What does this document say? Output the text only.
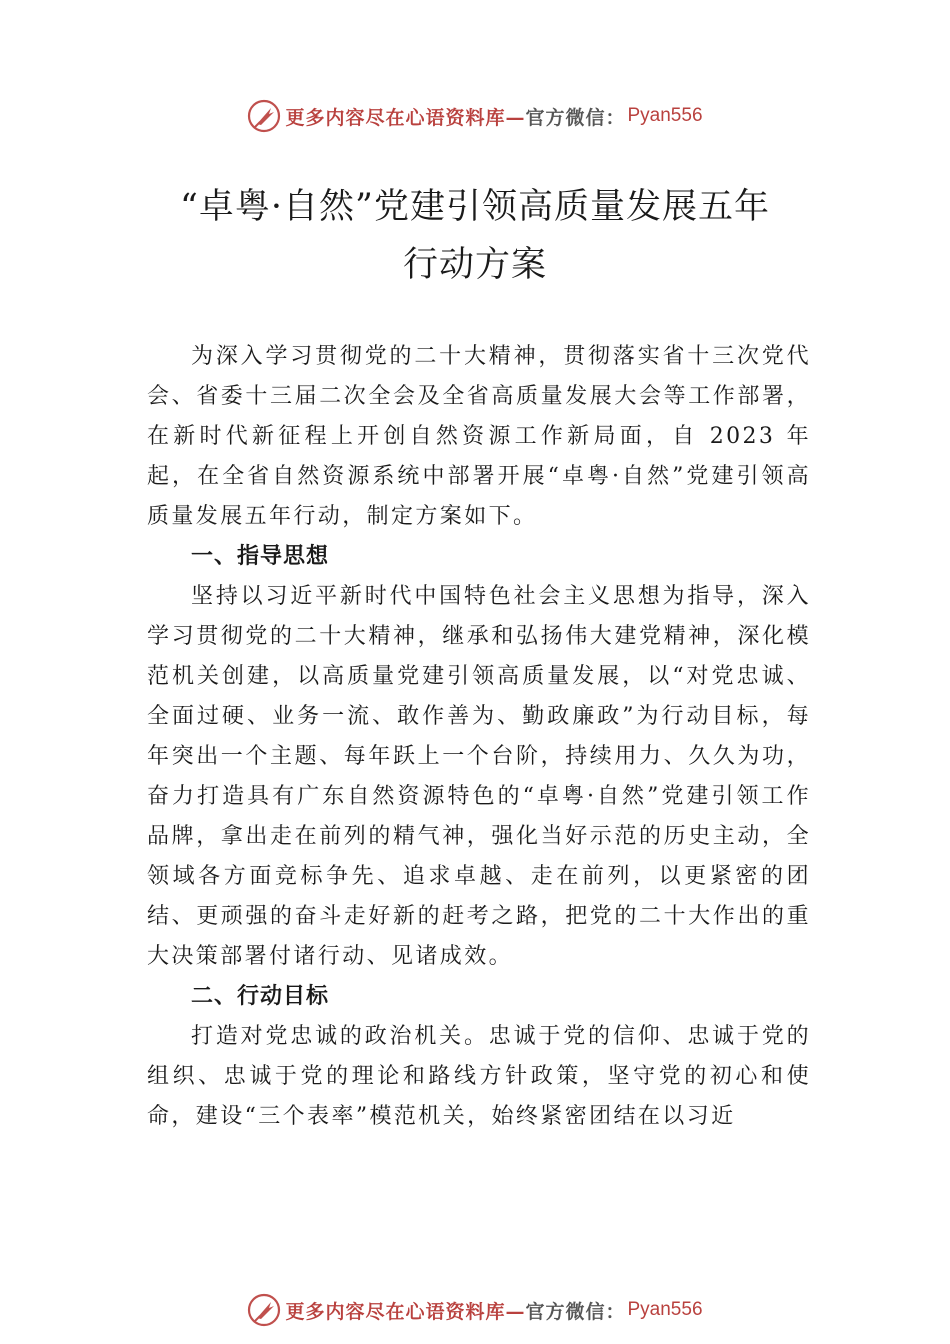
更多内容尽在心语资料库— 官方微信： Pyan556
“卓粤·自然”党建引领高质量发展五年
行动方案

为深入学习贯彻党的二十大精神，贯彻落实省十三次党代会、省委十三届二次全会及全省高质量发展大会等工作部署，在新时代新征程上开创自然资源工作新局面，自 2023 年起，在全省自然资源系统中部署开展“卓粤·自然”党建引领高质量发展五年行动，制定方案如下。

一、指导思想

坚持以习近平新时代中国特色社会主义思想为指导，深入学习贯彻党的二十大精神，继承和弘扬伟大建党精神，深化模范机关创建，以高质量党建引领高质量发展，以“对党忠诚、全面过硬、业务一流、敢作善为、勤政廉政”为行动目标，每年突出一个主题、每年跃上一个台阶，持续用力、久久为功，奋力打造具有广东自然资源特色的“卓粤·自然”党建引领工作品牌，拿出走在前列的精气神，强化当好示范的历史主动，全领域各方面竞标争先、追求卓越、走在前列，以更紧密的团结、更顽强的奋斗走好新的赶考之路，把党的二十大作出的重大决策部署付诸行动、见诸成效。

二、行动目标

打造对党忠诚的政治机关。忠诚于党的信仰、忠诚于党的组织、忠诚于党的理论和路线方针政策，坚守党的初心和使命，建设“三个表率”模范机关，始终紧密团结在以习近

更多内容尽在心语资料库— 官方微信： Pyan556
